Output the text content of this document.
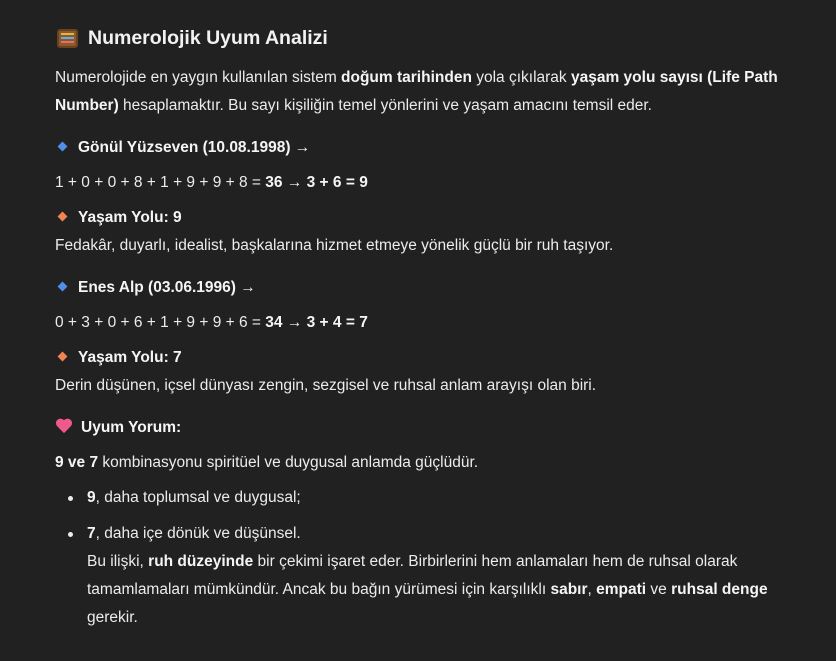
Numerolojik Uyum Analizi
Numerolojide en yaygın kullanılan sistem doğum tarihinden yola çıkılarak yaşam yolu sayısı (Life Path
Number) hesaplamaktır. Bu sayı kişiliğin temel yönlerini ve yaşam amacını temsil eder.
Gönül Yüzseven (10.08.1998) →
1 + 0 + 0 + 8 + 1 + 9 + 9 + 8 = 36 → 3 + 6 = 9
Yaşam Yolu: 9
Fedakâr, duyarlı, idealist, başkalarına hizmet etmeye yönelik güçlü bir ruh taşıyor.
Enes Alp (03.06.1996) →
0 + 3 + 0 + 6 + 1 + 9 + 9 + 6 = 34 → 3 + 4 = 7
Yaşam Yolu: 7
Derin düşünen, içsel dünyası zengin, sezgisel ve ruhsal anlam arayışı olan biri.
Uyum Yorum:
9 ve 7 kombinasyonu spiritüel ve duygusal anlamda güçlüdür.
9, daha toplumsal ve duygusal;
7, daha içe dönük ve düşünsel.
Bu ilişki, ruh düzeyinde bir çekimi işaret eder. Birbirlerini hem anlamaları hem de ruhsal olarak
tamamlamaları mümkündür. Ancak bu bağın yürümesi için karşılıklı sabır, empati ve ruhsal denge
gerekir.
